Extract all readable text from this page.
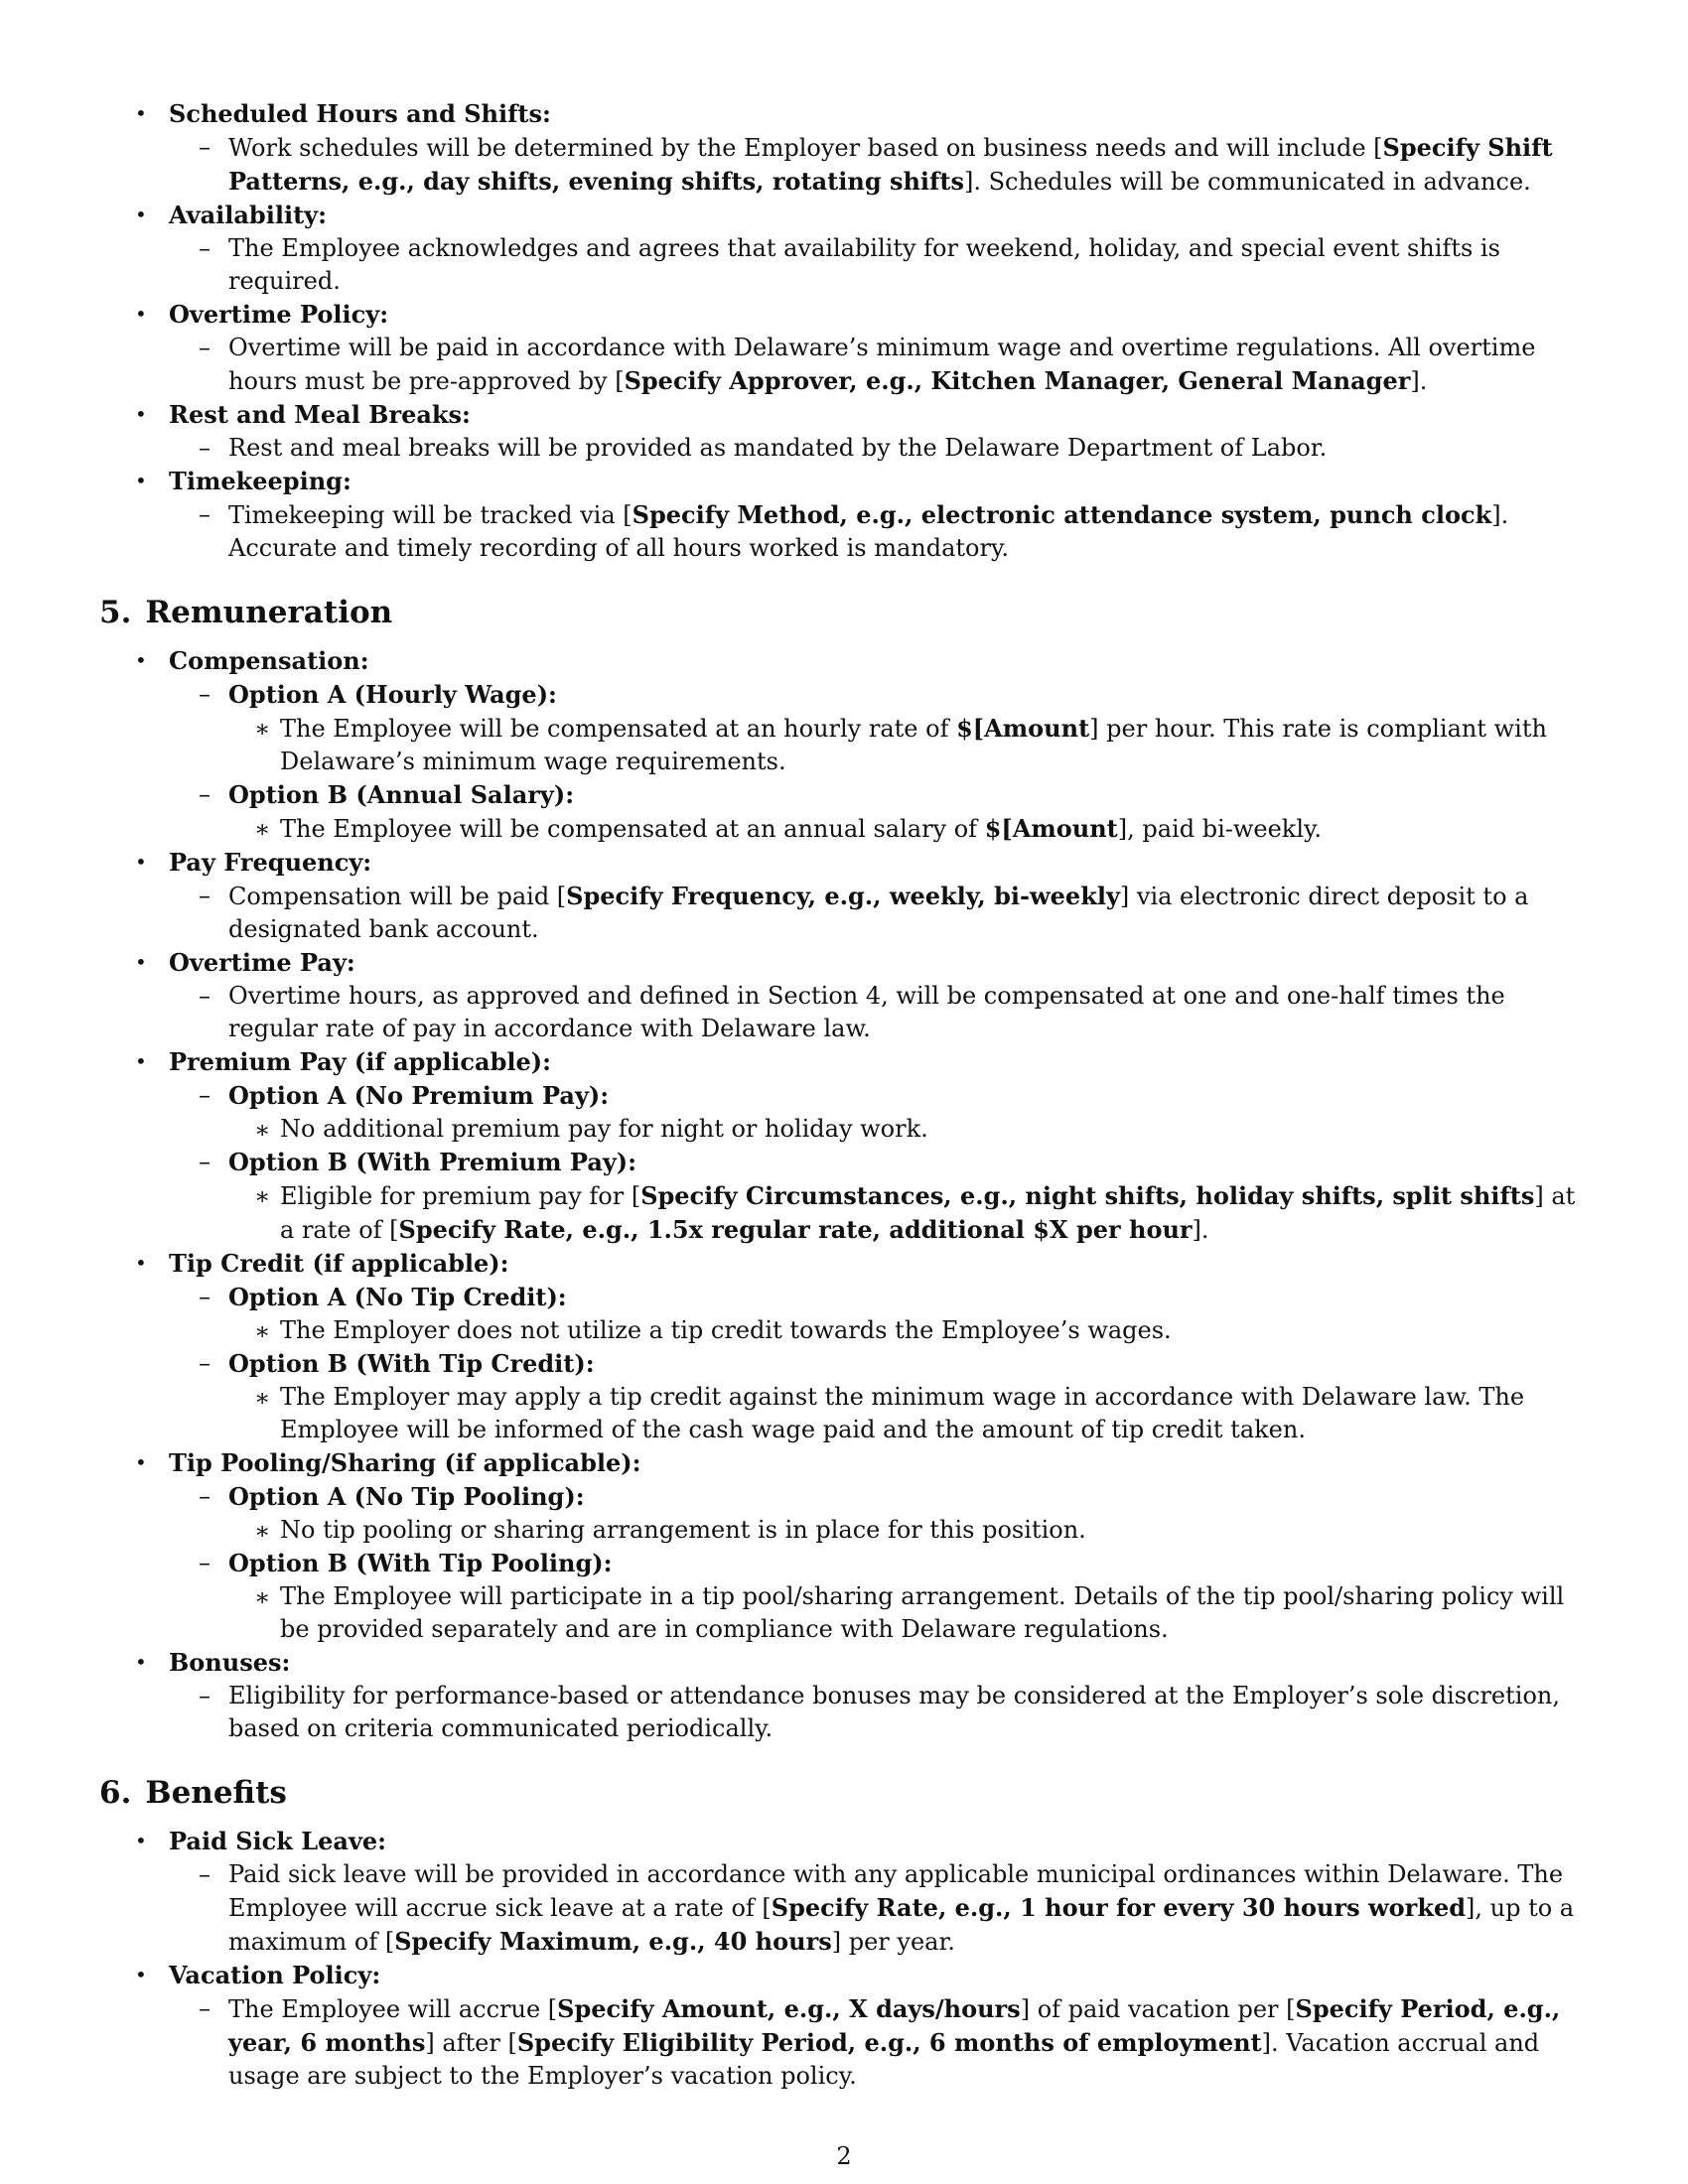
• Scheduled Hours and Shifts:
– Work schedules will be determined by the Employer based on business needs and will include [Specify Shift Patterns, e.g., day shifts, evening shifts, rotating shifts]. Schedules will be communicated in advance.
• Availability:
– The Employee acknowledges and agrees that availability for weekend, holiday, and special event shifts is required.
• Overtime Policy:
– Overtime will be paid in accordance with Delaware’s minimum wage and overtime regulations. All overtime hours must be pre-approved by [Specify Approver, e.g., Kitchen Manager, General Manager].
• Rest and Meal Breaks:
– Rest and meal breaks will be provided as mandated by the Delaware Department of Labor.
• Timekeeping:
– Timekeeping will be tracked via [Specify Method, e.g., electronic attendance system, punch clock]. Accurate and timely recording of all hours worked is mandatory.
5. Remuneration
• Compensation:
– Option A (Hourly Wage):
∗ The Employee will be compensated at an hourly rate of $[Amount] per hour. This rate is compliant with Delaware’s minimum wage requirements.
– Option B (Annual Salary):
∗ The Employee will be compensated at an annual salary of $[Amount], paid bi-weekly.
• Pay Frequency:
– Compensation will be paid [Specify Frequency, e.g., weekly, bi-weekly] via electronic direct deposit to a designated bank account.
• Overtime Pay:
– Overtime hours, as approved and defined in Section 4, will be compensated at one and one-half times the regular rate of pay in accordance with Delaware law.
• Premium Pay (if applicable):
– Option A (No Premium Pay):
∗ No additional premium pay for night or holiday work.
– Option B (With Premium Pay):
∗ Eligible for premium pay for [Specify Circumstances, e.g., night shifts, holiday shifts, split shifts] at a rate of [Specify Rate, e.g., 1.5x regular rate, additional $X per hour].
• Tip Credit (if applicable):
– Option A (No Tip Credit):
∗ The Employer does not utilize a tip credit towards the Employee’s wages.
– Option B (With Tip Credit):
∗ The Employer may apply a tip credit against the minimum wage in accordance with Delaware law. The Employee will be informed of the cash wage paid and the amount of tip credit taken.
• Tip Pooling/Sharing (if applicable):
– Option A (No Tip Pooling):
∗ No tip pooling or sharing arrangement is in place for this position.
– Option B (With Tip Pooling):
∗ The Employee will participate in a tip pool/sharing arrangement. Details of the tip pool/sharing policy will be provided separately and are in compliance with Delaware regulations.
• Bonuses:
– Eligibility for performance-based or attendance bonuses may be considered at the Employer’s sole discretion, based on criteria communicated periodically.
6. Benefits
• Paid Sick Leave:
– Paid sick leave will be provided in accordance with any applicable municipal ordinances within Delaware. The Employee will accrue sick leave at a rate of [Specify Rate, e.g., 1 hour for every 30 hours worked], up to a maximum of [Specify Maximum, e.g., 40 hours] per year.
• Vacation Policy:
– The Employee will accrue [Specify Amount, e.g., X days/hours] of paid vacation per [Specify Period, e.g., year, 6 months] after [Specify Eligibility Period, e.g., 6 months of employment]. Vacation accrual and usage are subject to the Employer’s vacation policy.
2
